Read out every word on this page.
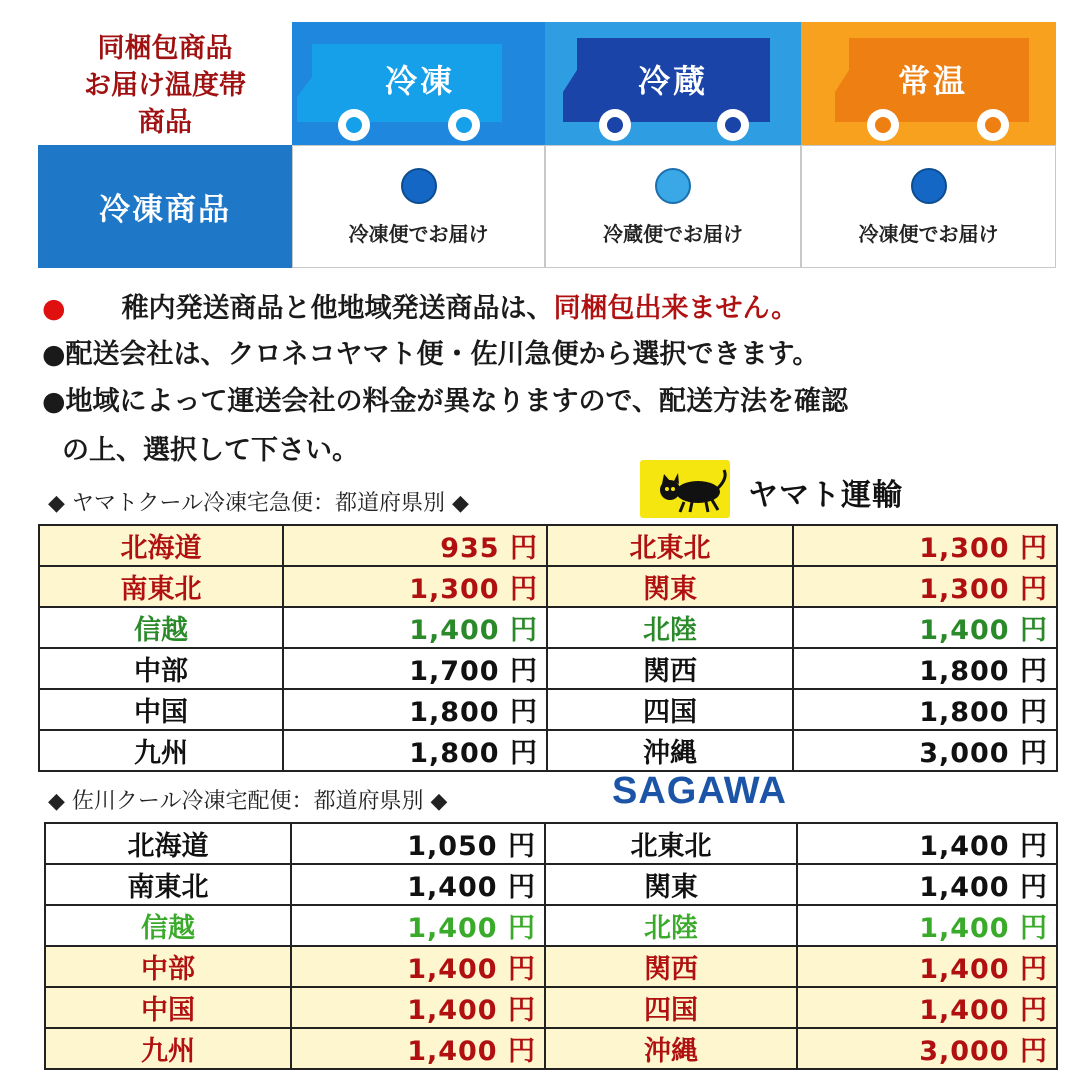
同梱包商品
お届け温度帯
商品
冷凍	冷蔵	常温
冷凍商品
冷凍便でお届け	冷蔵便でお届け	冷凍便でお届け
● 稚内発送商品と他地域発送商品は、同梱包出来ません。
●配送会社は、クロネコヤマト便・佐川急便から選択できます。
●地域によって運送会社の料金が異なりますので、配送方法を確認
の上、選択して下さい。
◆ ヤマトクール冷凍宅急便：都道府県別 ◆	ヤマト運輸
北海道	935 円	北東北	1,300 円
南東北	1,300 円	関東	1,300 円
信越	1,400 円	北陸	1,400 円
中部	1,700 円	関西	1,800 円
中国	1,800 円	四国	1,800 円
九州	1,800 円	沖縄	3,000 円
◆ 佐川クール冷凍宅配便：都道府県別 ◆	SAGAWA
北海道	1,050 円	北東北	1,400 円
南東北	1,400 円	関東	1,400 円
信越	1,400 円	北陸	1,400 円
中部	1,400 円	関西	1,400 円
中国	1,400 円	四国	1,400 円
九州	1,400 円	沖縄	3,000 円
